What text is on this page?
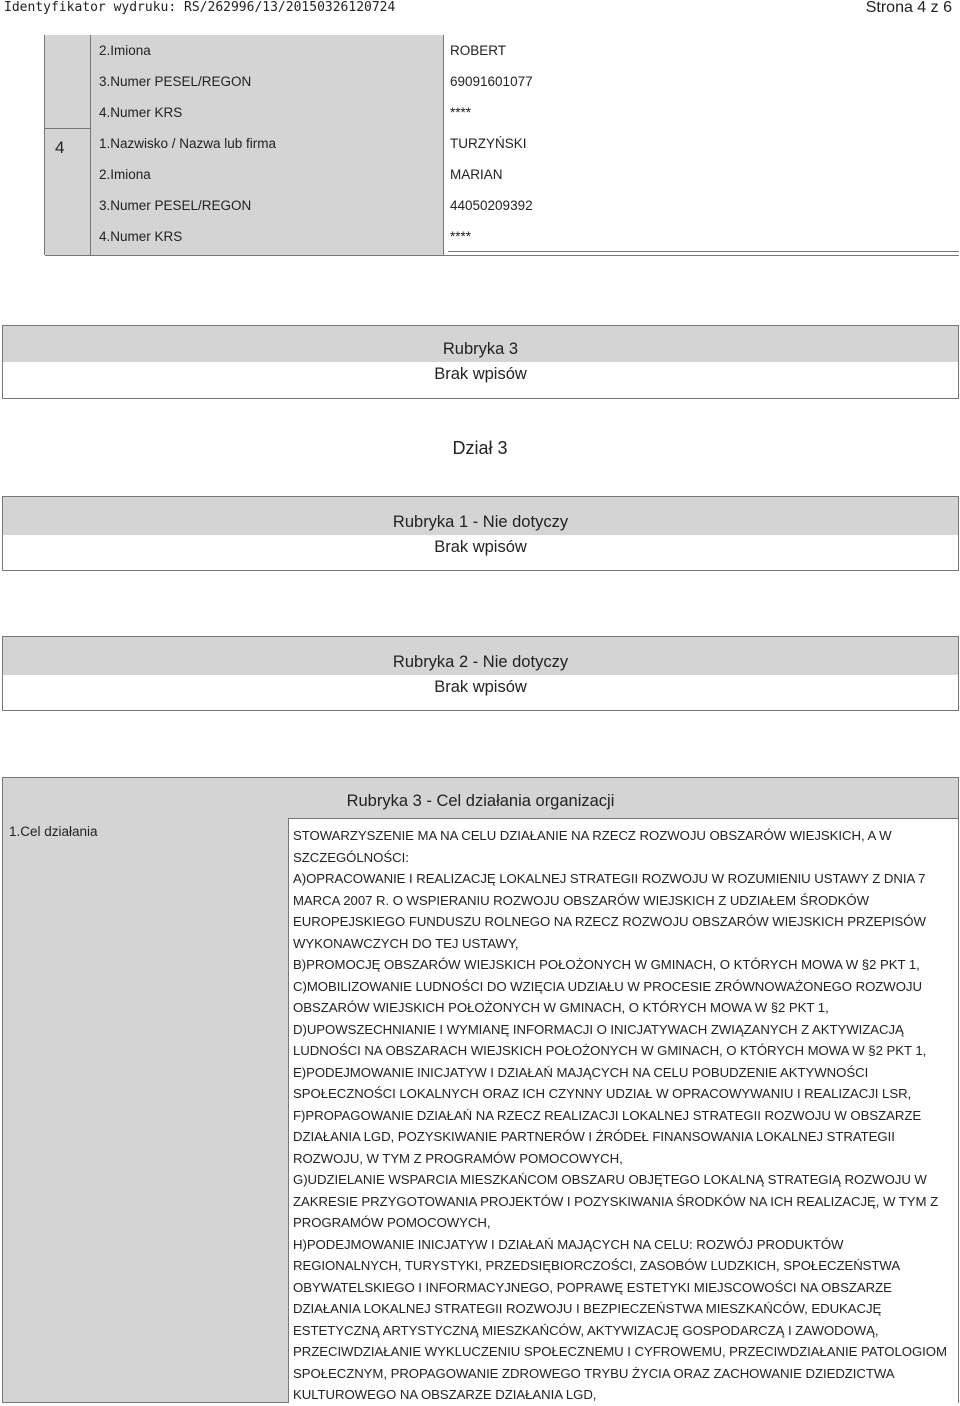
Identyfikator wydruku: RS/262996/13/20150326120724	Strona 4 z 6
4
2.Imiona	ROBERT
3.Numer PESEL/REGON	69091601077
4.Numer KRS	****
1.Nazwisko / Nazwa lub firma	TURZYŃSKI
2.Imiona	MARIAN
3.Numer PESEL/REGON	44050209392
4.Numer KRS	****
Rubryka 3
Brak wpisów
Dział 3
Rubryka 1 - Nie dotyczy
Brak wpisów
Rubryka 2 - Nie dotyczy
Brak wpisów
Rubryka 3 - Cel działania organizacji
1.Cel działania	STOWARZYSZENIE MA NA CELU DZIAŁANIE NA RZECZ ROZWOJU OBSZARÓW WIEJSKICH, A W SZCZEGÓLNOŚCI:
A)OPRACOWANIE I REALIZACJĘ LOKALNEJ STRATEGII ROZWOJU W ROZUMIENIU USTAWY Z DNIA 7 MARCA 2007 R. O WSPIERANIU ROZWOJU OBSZARÓW WIEJSKICH Z UDZIAŁEM ŚRODKÓW EUROPEJSKIEGO FUNDUSZU ROLNEGO NA RZECZ ROZWOJU OBSZARÓW WIEJSKICH PRZEPISÓW WYKONAWCZYCH DO TEJ USTAWY,
B)PROMOCJĘ OBSZARÓW WIEJSKICH POŁOŻONYCH W GMINACH, O KTÓRYCH MOWA W §2 PKT 1,
C)MOBILIZOWANIE LUDNOŚCI DO WZIĘCIA UDZIAŁU W PROCESIE ZRÓWNOWAŻONEGO ROZWOJU OBSZARÓW WIEJSKICH POŁOŻONYCH W GMINACH, O KTÓRYCH MOWA W §2 PKT 1,
D)UPOWSZECHNIANIE I WYMIANĘ INFORMACJI O INICJATYWACH ZWIĄZANYCH Z AKTYWIZACJĄ LUDNOŚCI NA OBSZARACH WIEJSKICH POŁOŻONYCH W GMINACH, O KTÓRYCH MOWA W §2 PKT 1,
E)PODEJMOWANIE INICJATYW I DZIAŁAŃ MAJĄCYCH NA CELU POBUDZENIE AKTYWNOŚCI SPOŁECZNOŚCI LOKALNYCH ORAZ ICH CZYNNY UDZIAŁ W OPRACOWYWANIU I REALIZACJI LSR,
F)PROPAGOWANIE DZIAŁAŃ NA RZECZ REALIZACJI LOKALNEJ STRATEGII ROZWOJU W OBSZARZE DZIAŁANIA LGD, POZYSKIWANIE PARTNERÓW I ŹRÓDEŁ FINANSOWANIA LOKALNEJ STRATEGII ROZWOJU, W TYM Z PROGRAMÓW POMOCOWYCH,
G)UDZIELANIE WSPARCIA MIESZKAŃCOM OBSZARU OBJĘTEGO LOKALNĄ STRATEGIĄ ROZWOJU W ZAKRESIE PRZYGOTOWANIA PROJEKTÓW I POZYSKIWANIA ŚRODKÓW NA ICH REALIZACJĘ, W TYM Z PROGRAMÓW POMOCOWYCH,
H)PODEJMOWANIE INICJATYW I DZIAŁAŃ MAJĄCYCH NA CELU: ROZWÓJ PRODUKTÓW REGIONALNYCH, TURYSTYKI, PRZEDSIĘBIORCZOŚCI, ZASOBÓW LUDZKICH, SPOŁECZEŃSTWA OBYWATELSKIEGO I INFORMACYJNEGO, POPRAWĘ ESTETYKI MIEJSCOWOŚCI NA OBSZARZE DZIAŁANIA LOKALNEJ STRATEGII ROZWOJU I BEZPIECZEŃSTWA MIESZKAŃCÓW, EDUKACJĘ ESTETYCZNĄ ARTYSTYCZNĄ MIESZKAŃCÓW, AKTYWIZACJĘ GOSPODARCZĄ I ZAWODOWĄ, PRZECIWDZIAŁANIE WYKLUCZENIU SPOŁECZNEMU I CYFROWEMU, PRZECIWDZIAŁANIE PATOLOGIOM SPOŁECZNYM, PROPAGOWANIE ZDROWEGO TRYBU ŻYCIA ORAZ ZACHOWANIE DZIEDZICTWA KULTUROWEGO NA OBSZARZE DZIAŁANIA LGD,
